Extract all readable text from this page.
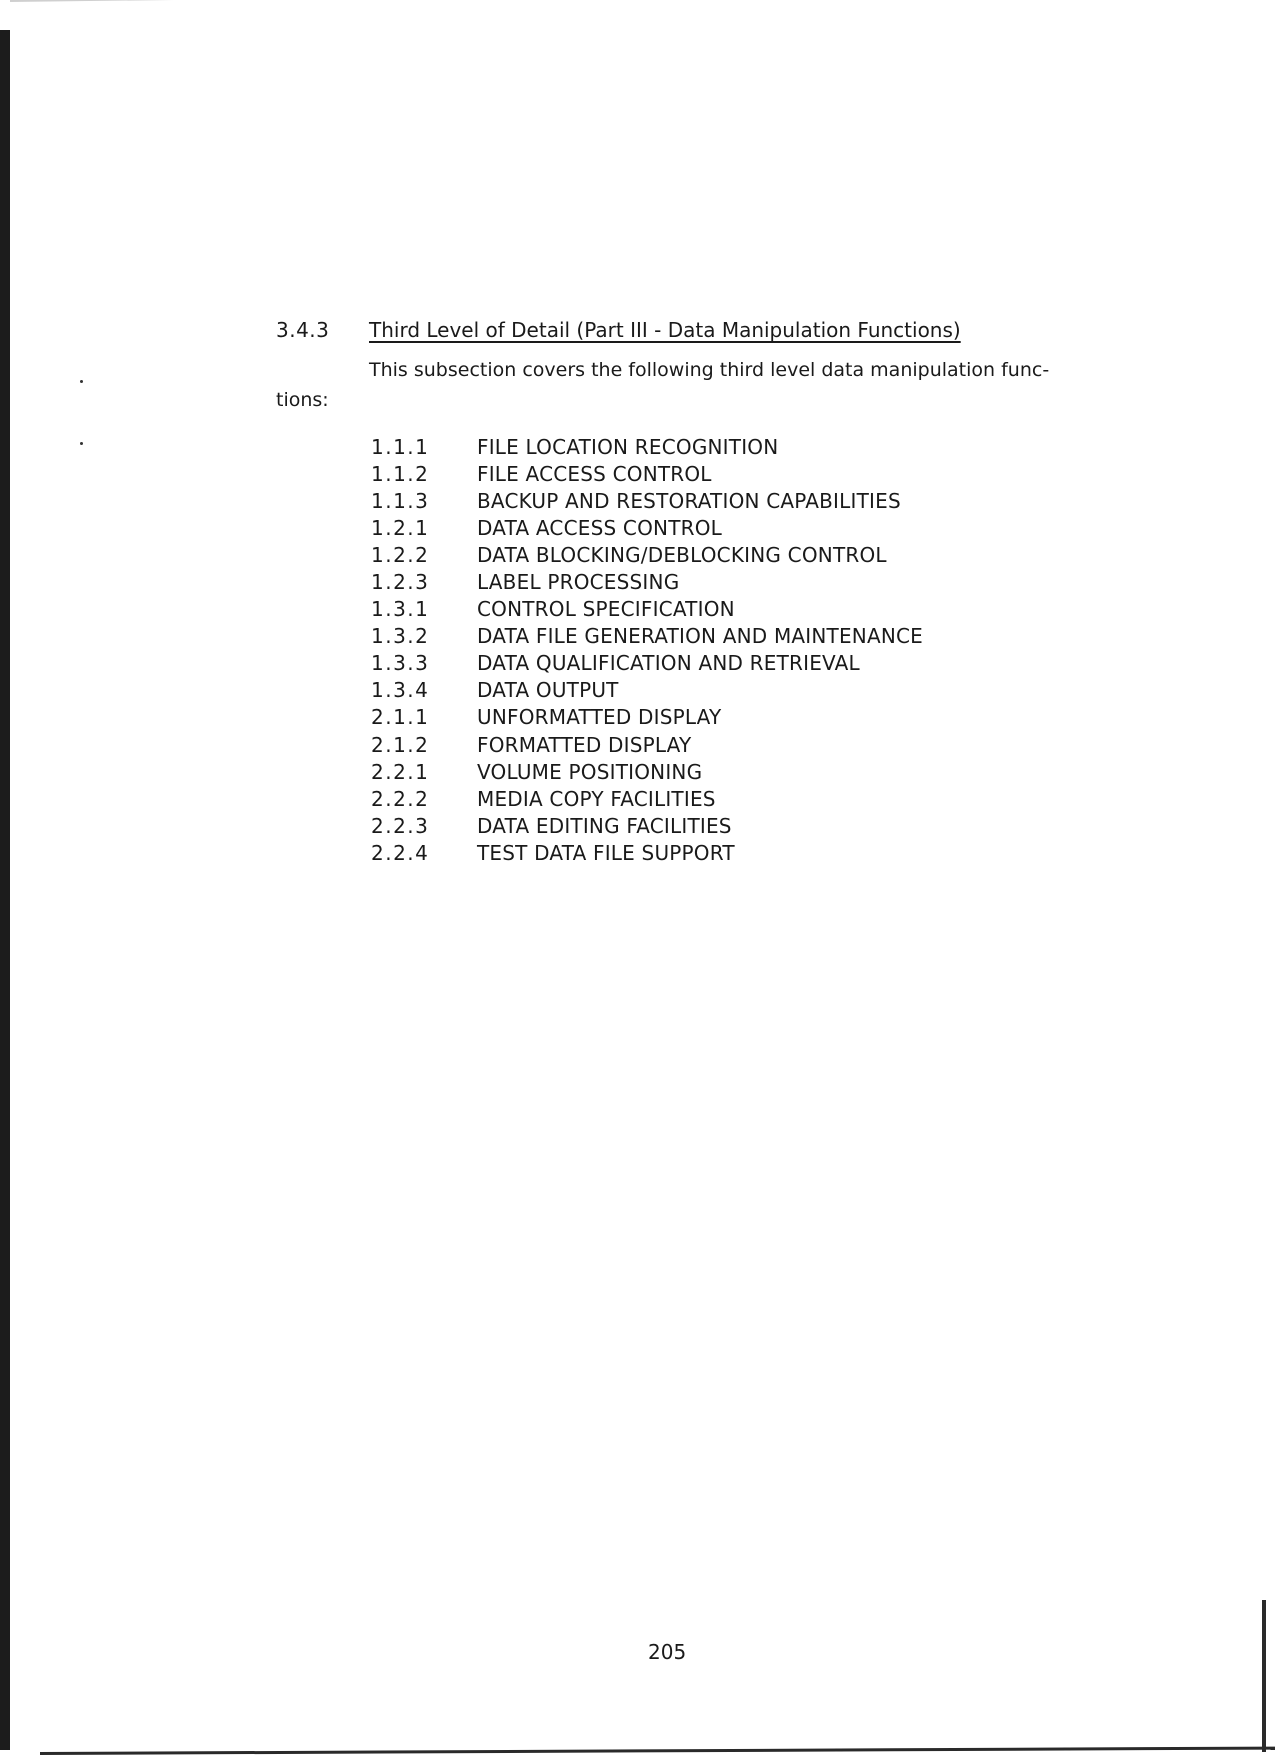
3.4.3 Third Level of Detail (Part III - Data Manipulation Functions)
This subsection covers the following third level data manipulation func-
tions:
1.1.1	FILE LOCATION RECOGNITION
1.1.2	FILE ACCESS CONTROL
1.1.3	BACKUP AND RESTORATION CAPABILITIES
1.2.1	DATA ACCESS CONTROL
1.2.2	DATA BLOCKING/DEBLOCKING CONTROL
1.2.3	LABEL PROCESSING
1.3.1	CONTROL SPECIFICATION
1.3.2	DATA FILE GENERATION AND MAINTENANCE
1.3.3	DATA QUALIFICATION AND RETRIEVAL
1.3.4	DATA OUTPUT
2.1.1	UNFORMATTED DISPLAY
2.1.2	FORMATTED DISPLAY
2.2.1	VOLUME POSITIONING
2.2.2	MEDIA COPY FACILITIES
2.2.3	DATA EDITING FACILITIES
2.2.4	TEST DATA FILE SUPPORT
205
